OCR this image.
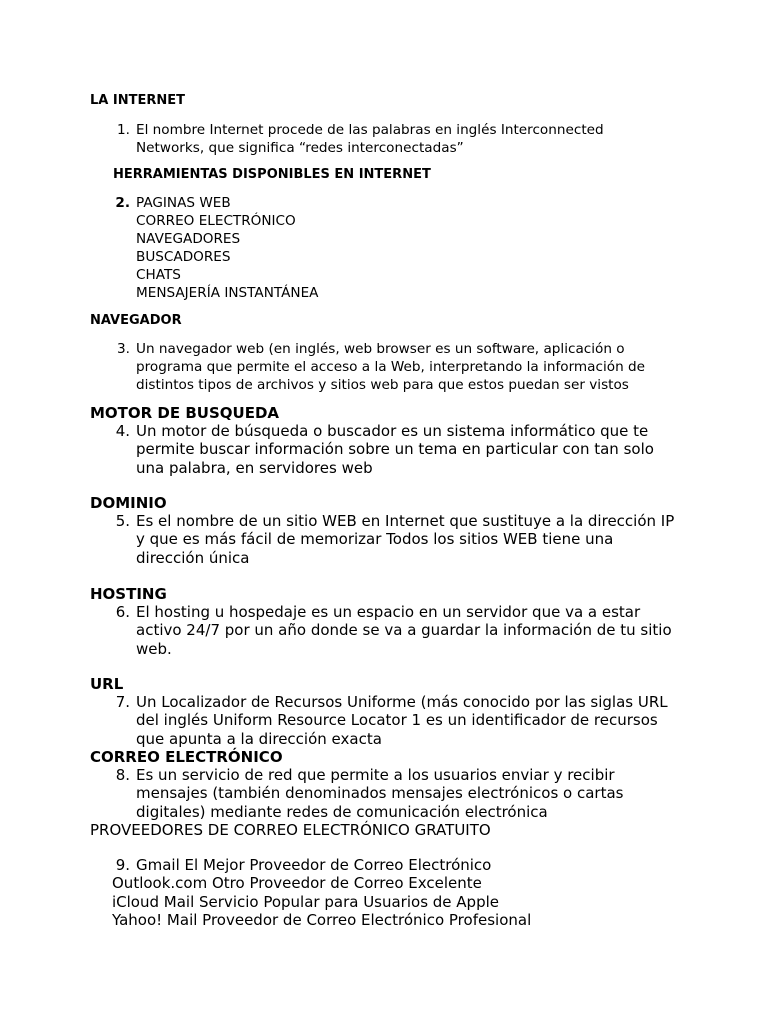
LA INTERNET
1. El nombre Internet procede de las palabras en inglés Interconnected
Networks, que significa “redes interconectadas”
HERRAMIENTAS DISPONIBLES EN INTERNET
2. PAGINAS WEB
CORREO ELECTRÓNICO
NAVEGADORES
BUSCADORES
CHATS
MENSAJERÍA INSTANTÁNEA
NAVEGADOR
3. Un navegador web (en inglés, web browser es un software, aplicación o
programa que permite el acceso a la Web, interpretando la información de
distintos tipos de archivos y sitios web para que estos puedan ser vistos
MOTOR DE BUSQUEDA
4. Un motor de búsqueda o buscador es un sistema informático que te
permite buscar información sobre un tema en particular con tan solo
una palabra, en servidores web
DOMINIO
5. Es el nombre de un sitio WEB en Internet que sustituye a la dirección IP
y que es más fácil de memorizar Todos los sitios WEB tiene una
dirección única
HOSTING
6. El hosting u hospedaje es un espacio en un servidor que va a estar
activo 24/7 por un año donde se va a guardar la información de tu sitio
web.
URL
7. Un Localizador de Recursos Uniforme (más conocido por las siglas URL
del inglés Uniform Resource Locator 1 es un identificador de recursos
que apunta a la dirección exacta
CORREO ELECTRÓNICO
8. Es un servicio de red que permite a los usuarios enviar y recibir
mensajes (también denominados mensajes electrónicos o cartas
digitales) mediante redes de comunicación electrónica
PROVEEDORES DE CORREO ELECTRÓNICO GRATUITO
9. Gmail El Mejor Proveedor de Correo Electrónico
Outlook.com Otro Proveedor de Correo Excelente
iCloud Mail Servicio Popular para Usuarios de Apple
Yahoo! Mail Proveedor de Correo Electrónico Profesional
